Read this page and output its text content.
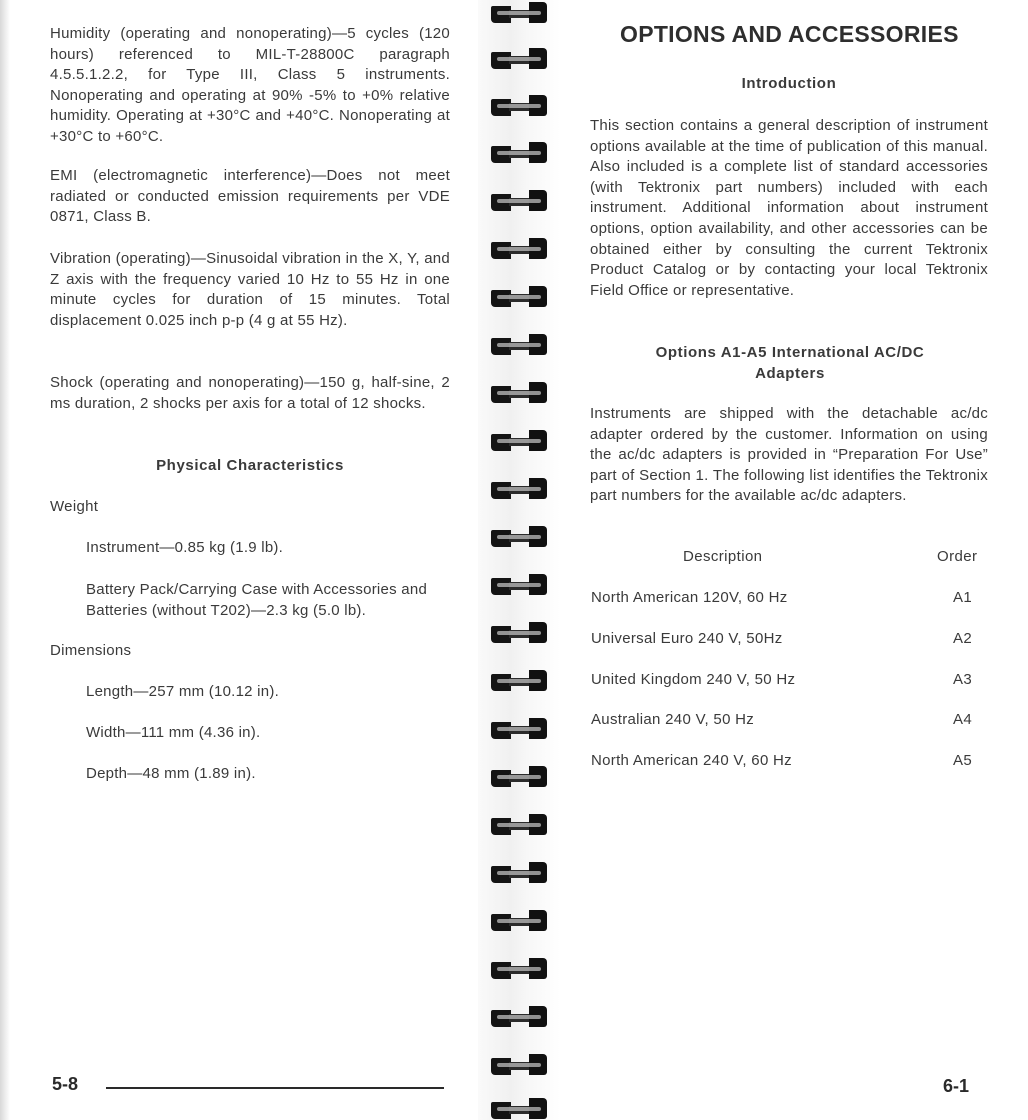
Humidity (operating and nonoperating)—5 cycles (120 hours) referenced to MIL-T-28800C paragraph 4.5.5.1.2.2, for Type III, Class 5 instruments. Nonoperating and operating at 90% -5% to +0% relative humidity. Operating at +30°C and +40°C. Nonoperating at +30°C to +60°C.

EMI (electromagnetic interference)—Does not meet radiated or conducted emission requirements per VDE 0871, Class B.

Vibration (operating)—Sinusoidal vibration in the X, Y, and Z axis with the frequency varied 10 Hz to 55 Hz in one minute cycles for duration of 15 minutes. Total displacement 0.025 inch p-p (4 g at 55 Hz).

Shock (operating and nonoperating)—150 g, half-sine, 2 ms duration, 2 shocks per axis for a total of 12 shocks.

Physical Characteristics

Weight

Instrument—0.85 kg (1.9 lb).

Battery Pack/Carrying Case with Accessories and Batteries (without T202)—2.3 kg (5.0 lb).

Dimensions

Length—257 mm (10.12 in).

Width—111 mm (4.36 in).

Depth—48 mm (1.89 in).

5-8
OPTIONS AND ACCESSORIES

Introduction

This section contains a general description of instrument options available at the time of publication of this manual. Also included is a complete list of standard accessories (with Tektronix part numbers) included with each instrument. Additional information about instrument options, option availability, and other accessories can be obtained either by consulting the current Tektronix Product Catalog or by contacting your local Tektronix Field Office or representative.

Options A1-A5 International AC/DC Adapters

Instruments are shipped with the detachable ac/dc adapter ordered by the customer. Information on using the ac/dc adapters is provided in “Preparation For Use” part of Section 1. The following list identifies the Tektronix part numbers for the available ac/dc adapters.

Description	Order
North American 120V, 60 Hz	A1
Universal Euro 240 V, 50Hz	A2
United Kingdom 240 V, 50 Hz	A3
Australian 240 V, 50 Hz	A4
North American 240 V, 60 Hz	A5
6-1
